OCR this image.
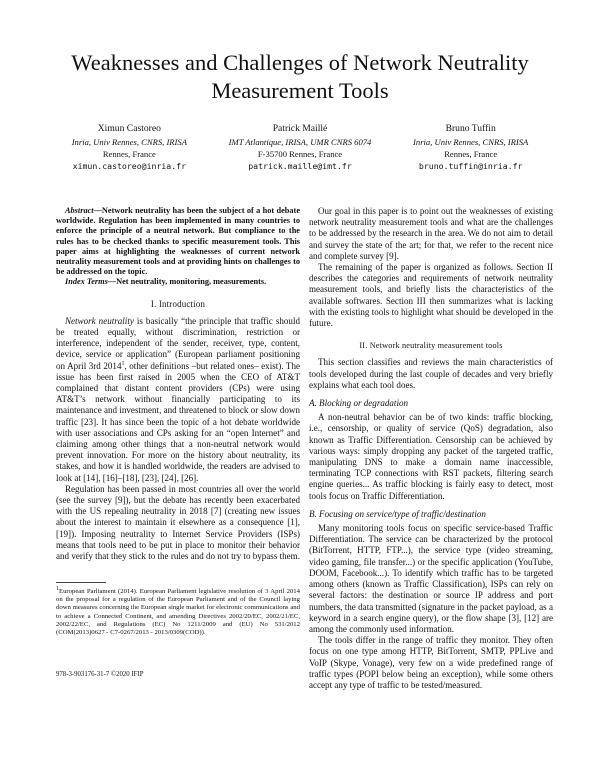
Weaknesses and Challenges of Network Neutrality Measurement Tools
Ximun Castoreo
Inria, Univ Rennes, CNRS, IRISA
Rennes, France
ximun.castoreo@inria.fr
Patrick Maillé
IMT Atlantique, IRISA, UMR CNRS 6074
F-35700 Rennes, France
patrick.maille@imt.fr
Bruno Tuffin
Inria, Univ Rennes, CNRS, IRISA
Rennes, France
bruno.tuffin@inria.fr

Abstract—Network neutrality has been the subject of a hot debate worldwide. Regulation has been implemented in many countries to enforce the principle of a neutral network. But compliance to the rules has to be checked thanks to specific measurement tools. This paper aims at highlighting the weaknesses of current network neutrality measurement tools and at providing hints on challenges to be addressed on the topic.

Index Terms—Net neutrality, monitoring, measurements.

I. Introduction

Network neutrality is basically “the principle that traffic should be treated equally, without discrimination, restriction or interference, independent of the sender, receiver, type, content, device, service or application” (European parliament positioning on April 3rd 2014$^1$, other definitions –but related ones– exist). The issue has been first raised in 2005 when the CEO of AT&T complained that distant content providers (CPs) were using AT&T’s network without financially participating to its maintenance and investment, and threatened to block or slow down traffic [23]. It has since been the topic of a hot debate worldwide with user associations and CPs asking for an “open Internet” and claiming among other things that a non-neutral network would prevent innovation. For more on the history about neutrality, its stakes, and how it is handled worldwide, the readers are advised to look at [14], [16]–[18], [23], [24], [26].

Regulation has been passed in most countries all over the world (see the survey [9]), but the debate has recently been exacerbated with the US repealing neutrality in 2018 [7] (creating new issues about the interest to maintain it elsewhere as a consequence [1], [19]). Imposing neutrality to Internet Service Providers (ISPs) means that tools need to be put in place to monitor their behavior and verify that they stick to the rules and do not try to bypass them.

$^1$European Parliament (2014). European Parliament legislative resolution of 3 April 2014 on the proposal for a regulation of the European Parliament and of the Council laying down measures concerning the European single market for electronic communications and to achieve a Connected Continent, and amending Directives 2002/20/EC, 2002/21/EC, 2002/22/EC, and Regulations (EC) No 1211/2009 and (EU) No 531/2012 (COM(2013)0627 - C7-0267/2013 - 2013/0309(COD)).
978-3-903176-31-7 ©2020 IFIP

Our goal in this paper is to point out the weaknesses of existing network neutrality measurement tools and what are the challenges to be addressed by the research in the area. We do not aim to detail and survey the state of the art; for that, we refer to the recent nice and complete survey [9].

The remaining of the paper is organized as follows. Section II describes the categories and requirements of network neutrality measurement tools, and briefly lists the characteristics of the available softwares. Section III then summarizes what is lacking with the existing tools to highlight what should be developed in the future.

II. Network neutrality measurement tools

This section classifies and reviews the main characteristics of tools developed during the last couple of decades and very briefly explains what each tool does.

A. Blocking or degradation

A non-neutral behavior can be of two kinds: traffic blocking, i.e., censorship, or quality of service (QoS) degradation, also known as Traffic Differentiation. Censorship can be achieved by various ways: simply dropping any packet of the targeted traffic, manipulating DNS to make a domain name inaccessible, terminating TCP connections with RST packets, filtering search engine queries... As traffic blocking is fairly easy to detect, most tools focus on Traffic Differentiation.

B. Focusing on service/type of traffic/destination

Many monitoring tools focus on specific service-based Traffic Differentiation. The service can be characterized by the protocol (BitTorrent, HTTP, FTP...), the service type (video streaming, video gaming, file transfer...) or the specific application (YouTube, DOOM, Facebook...). To identify which traffic has to be targeted among others (known as Traffic Classification), ISPs can rely on several factors: the destination or source IP address and port numbers, the data transmitted (signature in the packet payload, as a keyword in a search engine query), or the flow shape [3], [12] are among the commonly used information.

The tools differ in the range of traffic they monitor. They often focus on one type among HTTP, BitTorrent, SMTP, PPLive and VoIP (Skype, Vonage), very few on a wide predefined range of traffic types (POPI below being an exception), while some others accept any type of traffic to be tested/measured.
